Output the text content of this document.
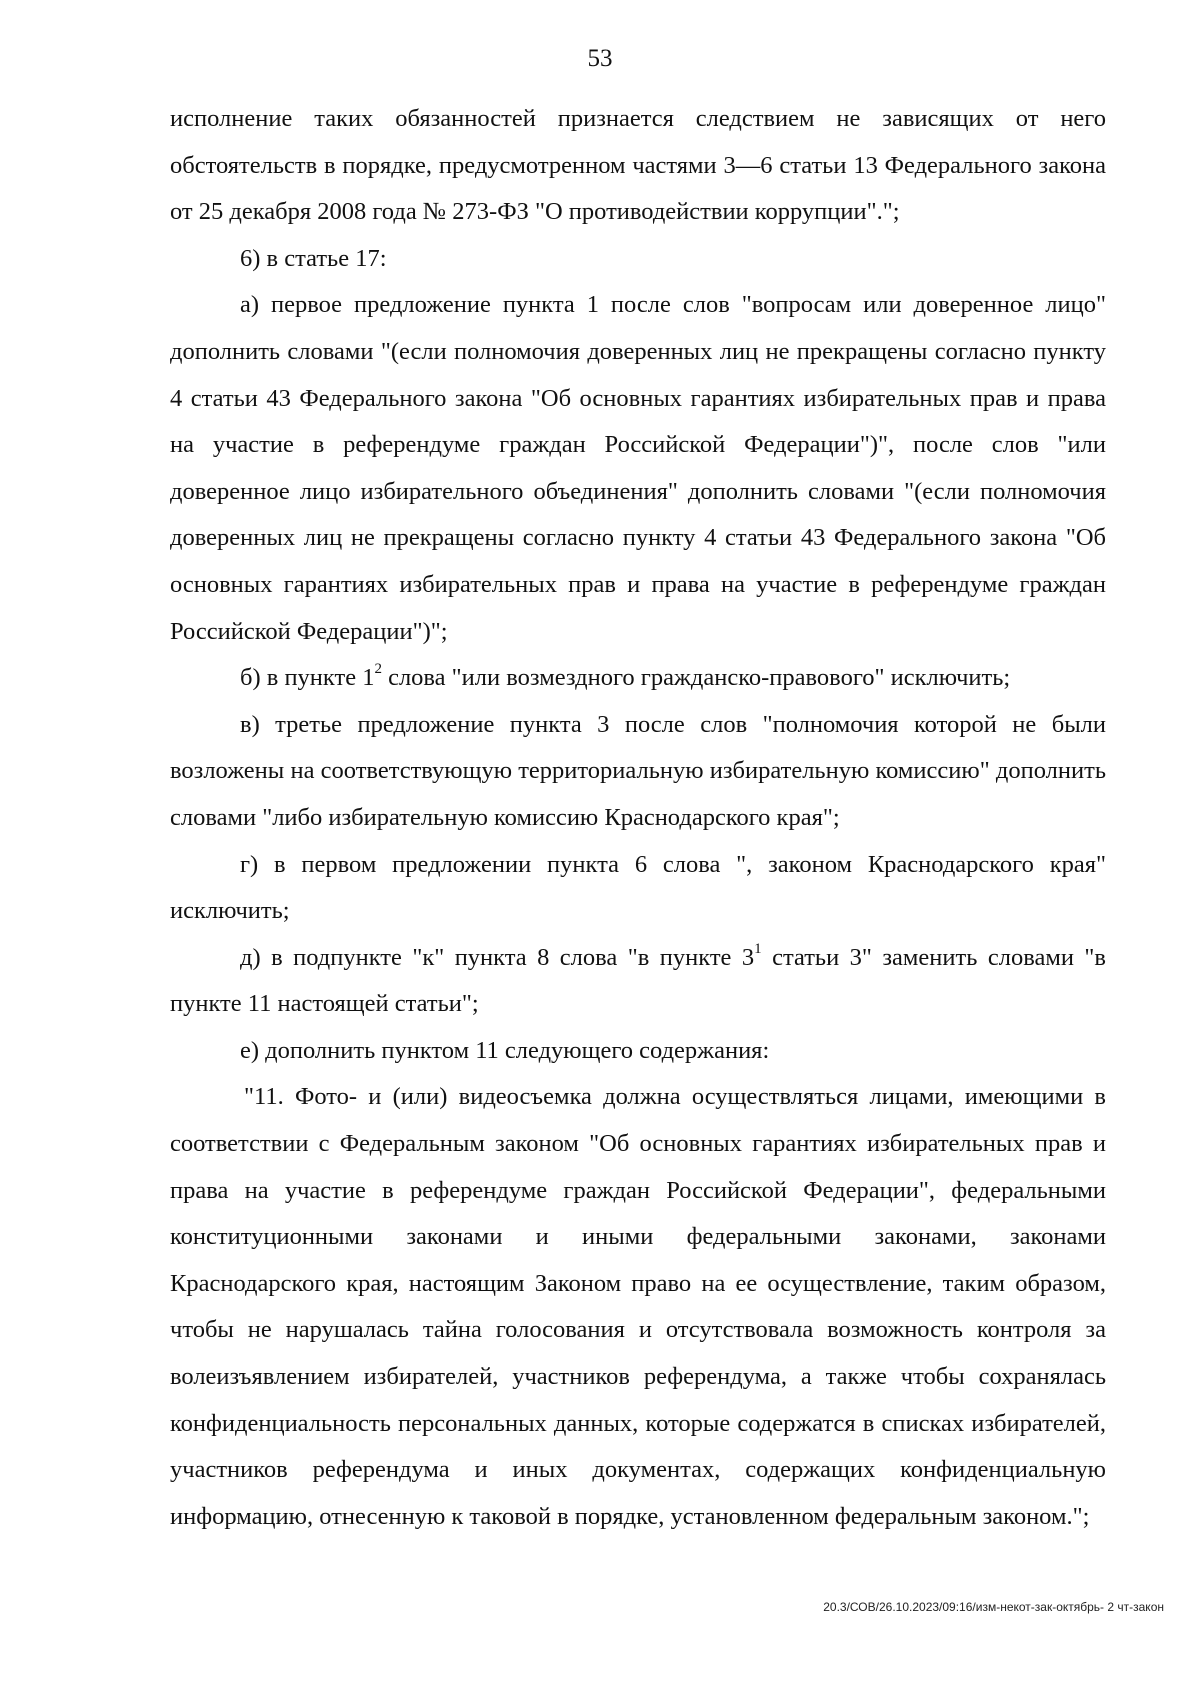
53

исполнение таких обязанностей признается следствием не зависящих от него обстоятельств в порядке, предусмотренном частями 3—6 статьи 13 Федерального закона от 25 декабря 2008 года № 273-ФЗ "О противодействии коррупции".";

6) в статье 17:

а) первое предложение пункта 1 после слов "вопросам или доверенное лицо" дополнить словами "(если полномочия доверенных лиц не прекращены согласно пункту 4 статьи 43 Федерального закона "Об основных гарантиях избирательных прав и права на участие в референдуме граждан Российской Федерации")", после слов "или доверенное лицо избирательного объединения" дополнить словами "(если полномочия доверенных лиц не прекращены согласно пункту 4 статьи 43 Федерального закона "Об основных гарантиях избирательных прав и права на участие в референдуме граждан Российской Федерации")";

б) в пункте $1^2$ слова "или возмездного гражданско-правового" исключить;

в) третье предложение пункта 3 после слов "полномочия которой не были возложены на соответствующую территориальную избирательную комиссию" дополнить словами "либо избирательную комиссию Краснодарского края";

г) в первом предложении пункта 6 слова ", законом Краснодарского края" исключить;

д) в подпункте "к" пункта 8 слова "в пункте $3^1$ статьи 3" заменить словами "в пункте 11 настоящей статьи";

е) дополнить пунктом 11 следующего содержания:

"11. Фото- и (или) видеосъемка должна осуществляться лицами, имеющими в соответствии с Федеральным законом "Об основных гарантиях избирательных прав и права на участие в референдуме граждан Российской Федерации", федеральными конституционными законами и иными федеральными законами, законами Краснодарского края, настоящим Законом право на ее осуществление, таким образом, чтобы не нарушалась тайна голосования и отсутствовала возможность контроля за волеизъявлением избирателей, участников референдума, а также чтобы сохранялась конфиденциальность персональных данных, которые содержатся в списках избирателей, участников референдума и иных документах, содержащих конфиденциальную информацию, отнесенную к таковой в порядке, установленном федеральным законом.";

20.3/СОВ/26.10.2023/09:16/изм-некот-зак-октябрь- 2 чт-закон
